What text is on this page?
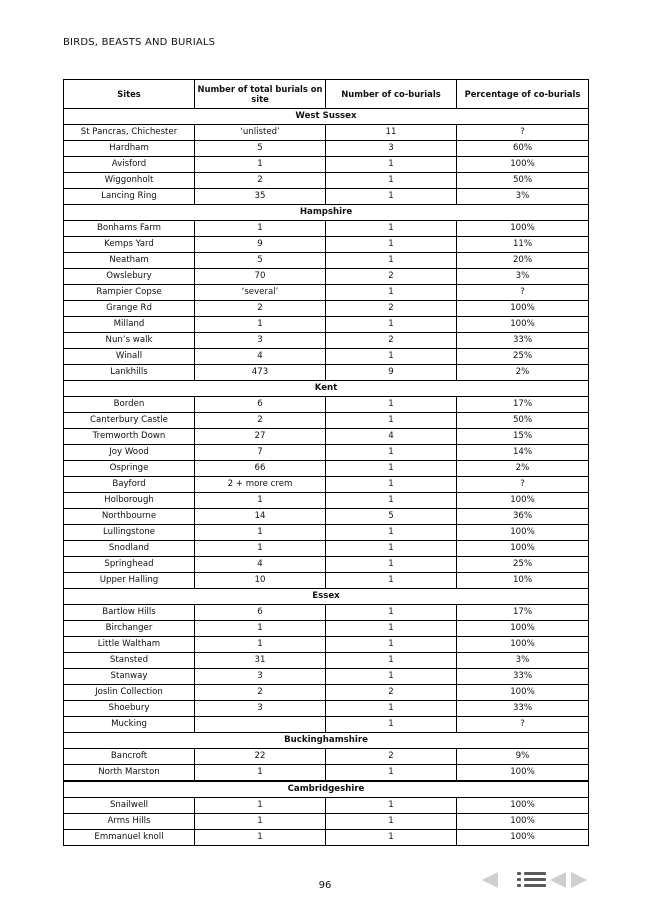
BIRDS, BEASTS AND BURIALS
Sites	Number of total burials on site	Number of co-burials	Percentage of co-burials
West Sussex			
St Pancras, Chichester	‘unlisted’	11	?
Hardham	5	3	60%
Avisford	1	1	100%
Wiggonholt	2	1	50%
Lancing Ring	35	1	3%
Hampshire			
Bonhams Farm	1	1	100%
Kemps Yard	9	1	11%
Neatham	5	1	20%
Owslebury	70	2	3%
Rampier Copse	‘several’	1	?
Grange Rd	2	2	100%
Milland	1	1	100%
Nun’s walk	3	2	33%
Winall	4	1	25%
Lankhills	473	9	2%
Kent			
Borden	6	1	17%
Canterbury Castle	2	1	50%
Tremworth Down	27	4	15%
Joy Wood	7	1	14%
Ospringe	66	1	2%
Bayford	2 + more crem	1	?
Holborough	1	1	100%
Northbourne	14	5	36%
Lullingstone	1	1	100%
Snodland	1	1	100%
Springhead	4	1	25%
Upper Halling	10	1	10%
Essex			
Bartlow Hills	6	1	17%
Birchanger	1	1	100%
Little Waltham	1	1	100%
Stansted	31	1	3%
Stanway	3	1	33%
Joslin Collection	2	2	100%
Shoebury	3	1	33%
Mucking		1	?
Buckinghamshire			
Bancroft	22	2	9%
North Marston	1	1	100%
Cambridgeshire			
Snailwell	1	1	100%
Arms Hills	1	1	100%
Emmanuel knoll	1	1	100%
96
